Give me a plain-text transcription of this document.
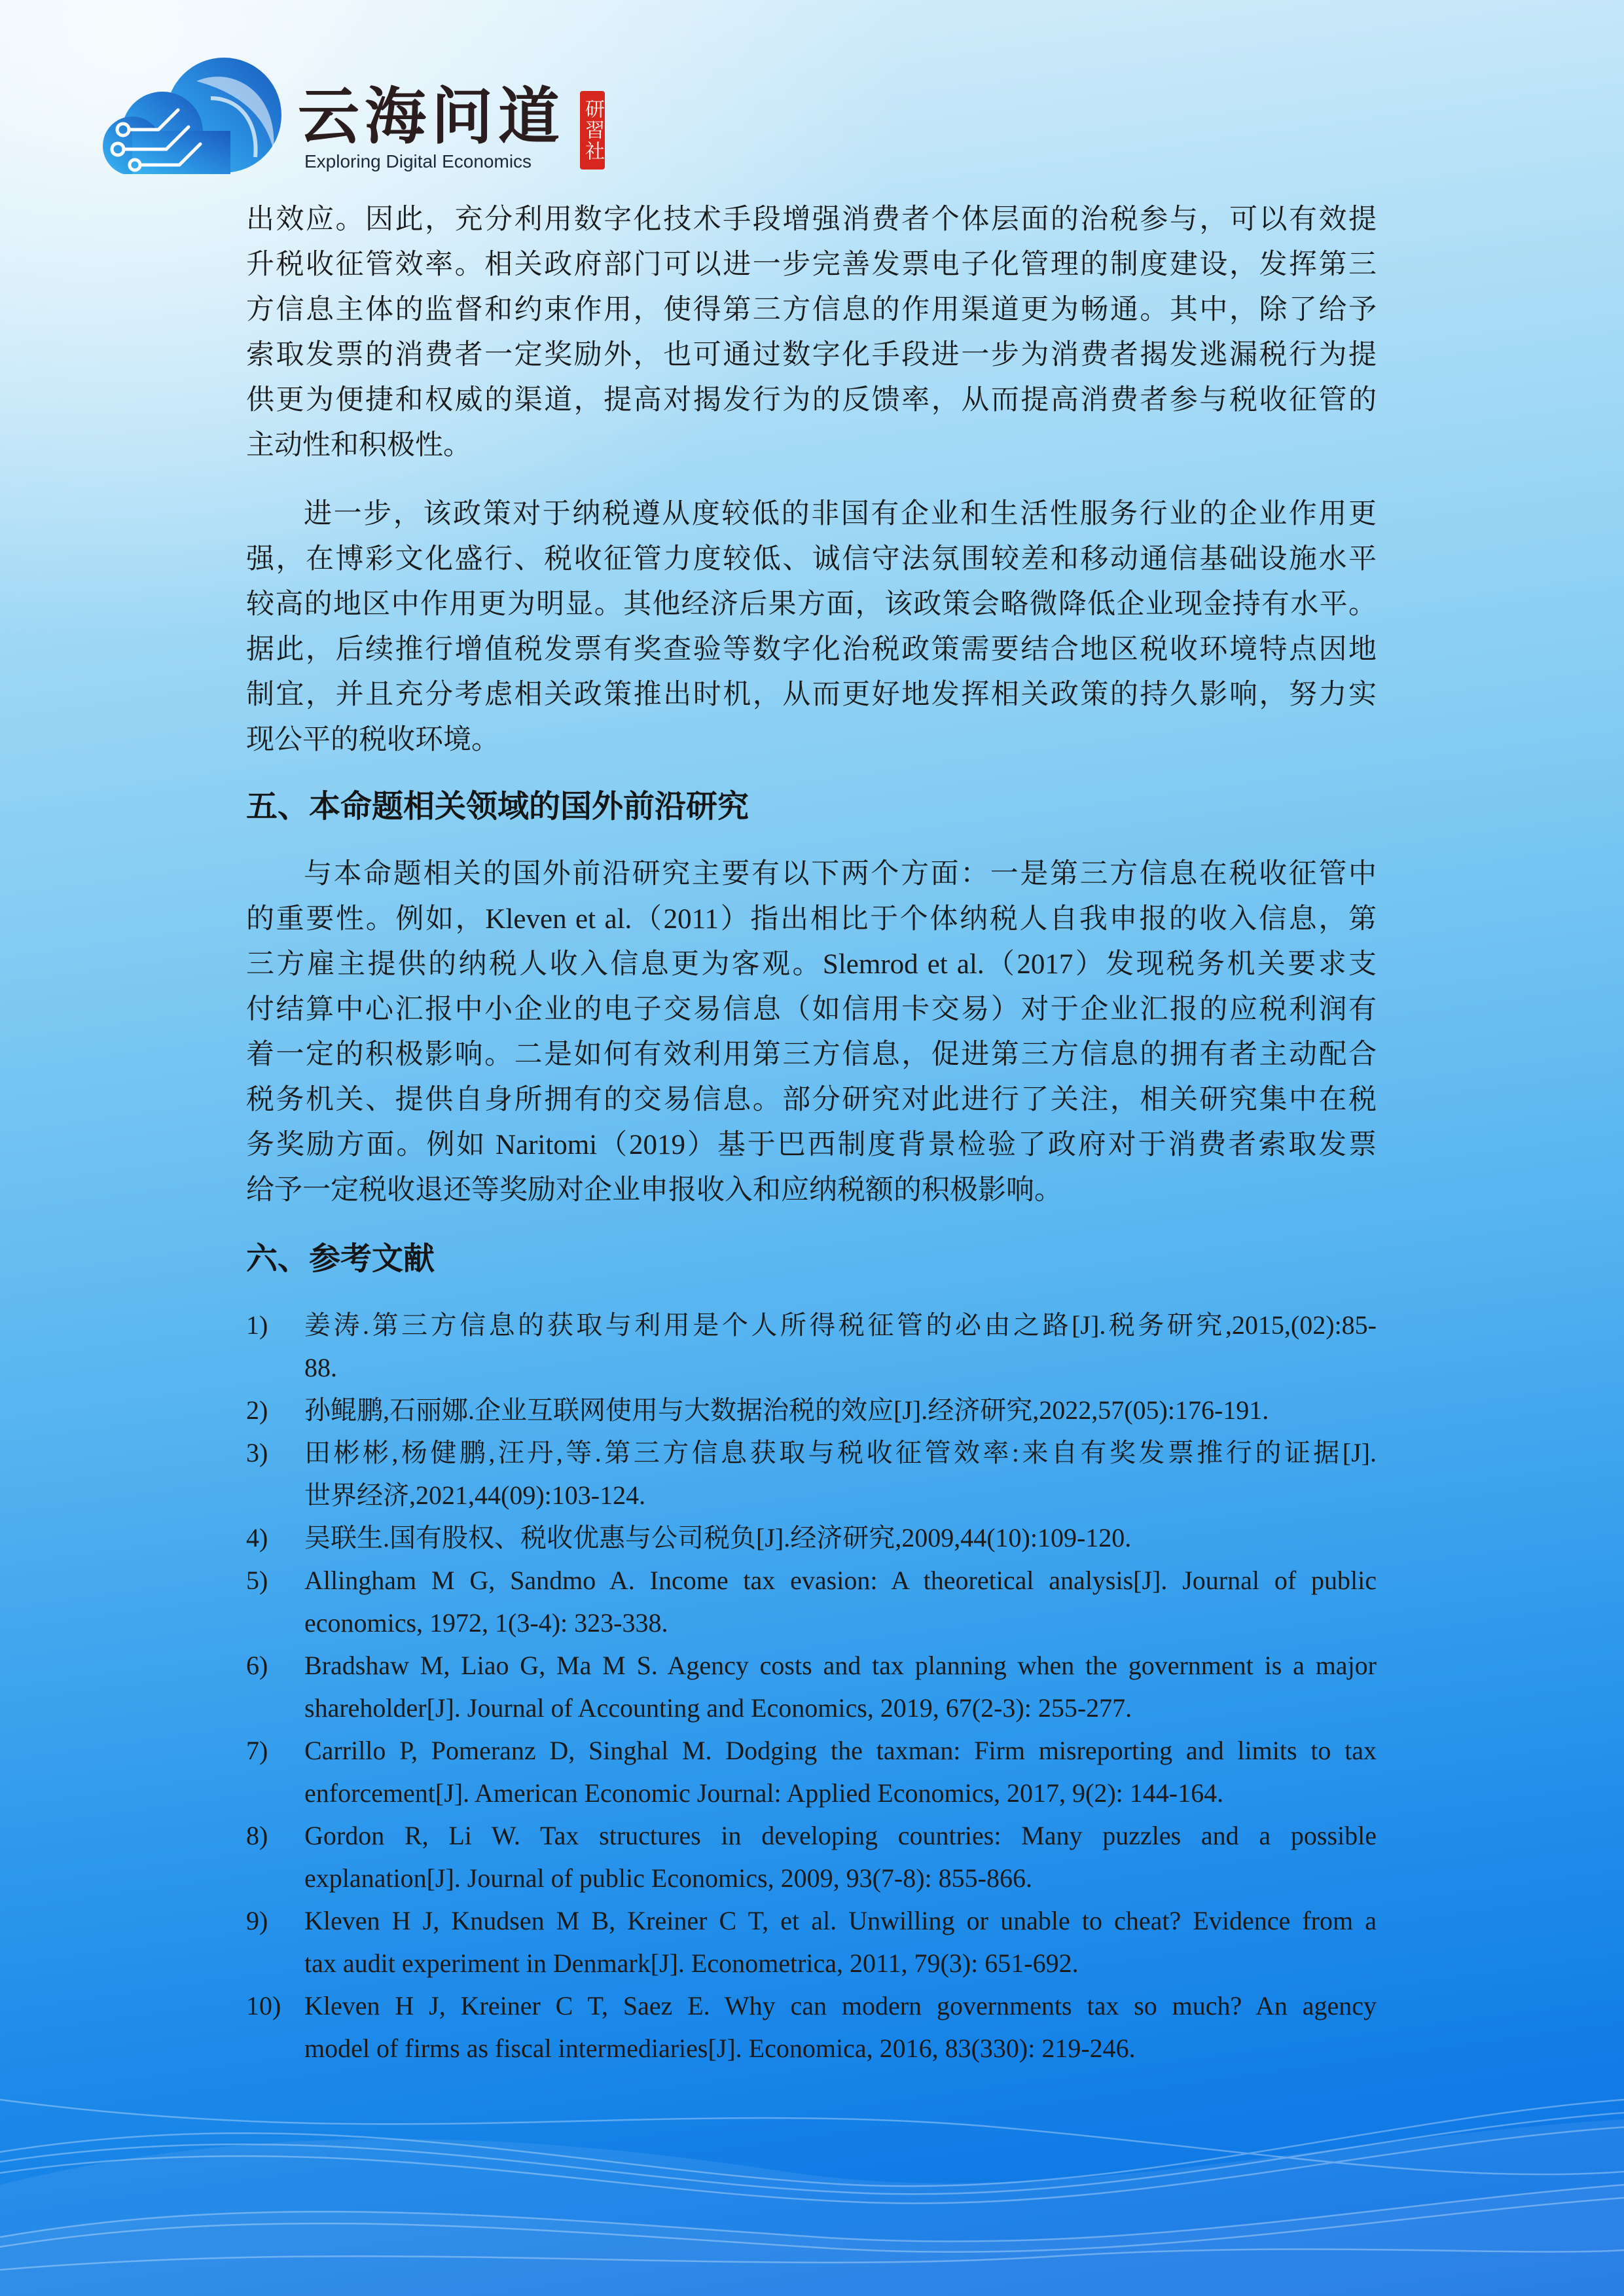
云海问道
Exploring Digital Economics	研習社
出效应。因此，充分利用数字化技术手段增强消费者个体层面的治税参与，可以有效提
升税收征管效率。相关政府部门可以进一步完善发票电子化管理的制度建设，发挥第三
方信息主体的监督和约束作用，使得第三方信息的作用渠道更为畅通。其中，除了给予
索取发票的消费者一定奖励外，也可通过数字化手段进一步为消费者揭发逃漏税行为提
供更为便捷和权威的渠道，提高对揭发行为的反馈率，从而提高消费者参与税收征管的
主动性和积极性。
进一步，该政策对于纳税遵从度较低的非国有企业和生活性服务行业的企业作用更
强，在博彩文化盛行、税收征管力度较低、诚信守法氛围较差和移动通信基础设施水平
较高的地区中作用更为明显。其他经济后果方面，该政策会略微降低企业现金持有水平。
据此，后续推行增值税发票有奖查验等数字化治税政策需要结合地区税收环境特点因地
制宜，并且充分考虑相关政策推出时机，从而更好地发挥相关政策的持久影响，努力实
现公平的税收环境。
五、本命题相关领域的国外前沿研究
与本命题相关的国外前沿研究主要有以下两个方面：一是第三方信息在税收征管中
的重要性。例如，Kleven et al.（2011）指出相比于个体纳税人自我申报的收入信息，第
三方雇主提供的纳税人收入信息更为客观。Slemrod et al.（2017）发现税务机关要求支
付结算中心汇报中小企业的电子交易信息（如信用卡交易）对于企业汇报的应税利润有
着一定的积极影响。二是如何有效利用第三方信息，促进第三方信息的拥有者主动配合
税务机关、提供自身所拥有的交易信息。部分研究对此进行了关注，相关研究集中在税
务奖励方面。例如 Naritomi（2019）基于巴西制度背景检验了政府对于消费者索取发票
给予一定税收退还等奖励对企业申报收入和应纳税额的积极影响。
六、参考文献
1) 姜涛.第三方信息的获取与利用是个人所得税征管的必由之路[J].税务研究,2015,(02):85-
88.
2) 孙鲲鹏,石丽娜.企业互联网使用与大数据治税的效应[J].经济研究,2022,57(05):176-191.
3) 田彬彬,杨健鹏,汪丹,等.第三方信息获取与税收征管效率:来自有奖发票推行的证据[J].
世界经济,2021,44(09):103-124.
4) 吴联生.国有股权、税收优惠与公司税负[J].经济研究,2009,44(10):109-120.
5) Allingham M G, Sandmo A. Income tax evasion: A theoretical analysis[J]. Journal of public
economics, 1972, 1(3-4): 323-338.
6) Bradshaw M, Liao G, Ma M S. Agency costs and tax planning when the government is a major
shareholder[J]. Journal of Accounting and Economics, 2019, 67(2-3): 255-277.
7) Carrillo P, Pomeranz D, Singhal M. Dodging the taxman: Firm misreporting and limits to tax
enforcement[J]. American Economic Journal: Applied Economics, 2017, 9(2): 144-164.
8) Gordon R, Li W. Tax structures in developing countries: Many puzzles and a possible
explanation[J]. Journal of public Economics, 2009, 93(7-8): 855-866.
9) Kleven H J, Knudsen M B, Kreiner C T, et al. Unwilling or unable to cheat? Evidence from a
tax audit experiment in Denmark[J]. Econometrica, 2011, 79(3): 651-692.
10) Kleven H J, Kreiner C T, Saez E. Why can modern governments tax so much? An agency
model of firms as fiscal intermediaries[J]. Economica, 2016, 83(330): 219-246.
